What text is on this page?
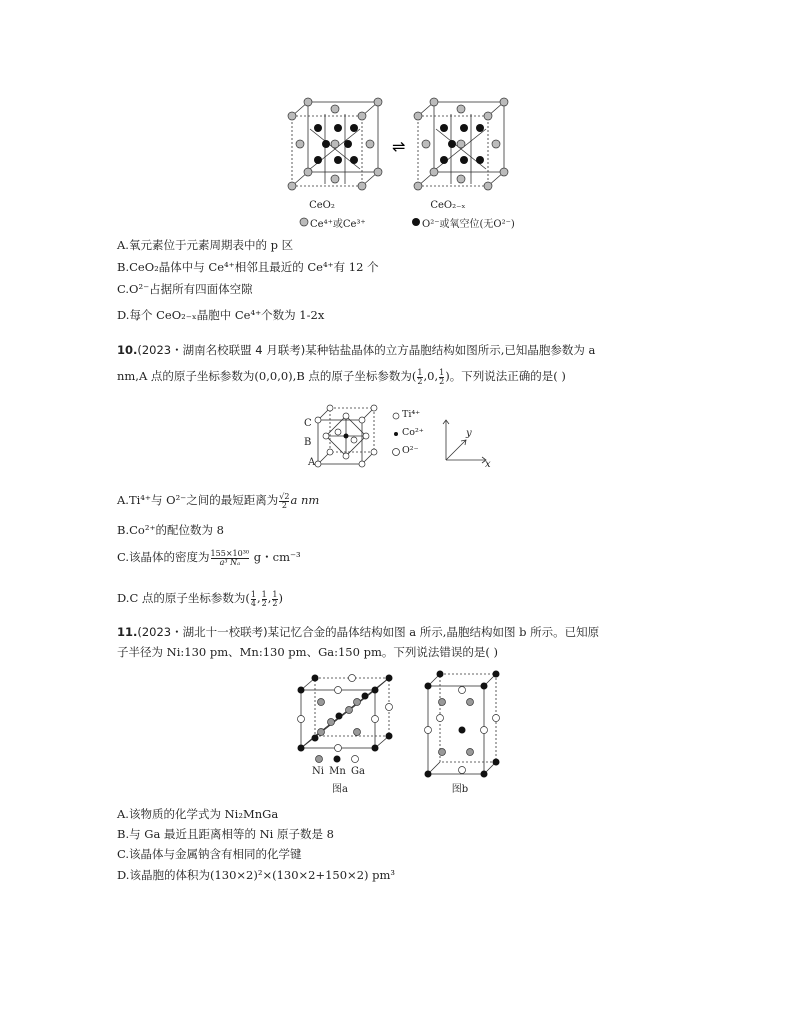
⇌
CeO₂	CeO₂₋ₓ
Ce⁴⁺或Ce³⁺	O²⁻或氧空位(无O²⁻)
A.氧元素位于元素周期表中的 p 区
B.CeO₂晶体中与 Ce⁴⁺相邻且最近的 Ce⁴⁺有 12 个
C.O²⁻占据所有四面体空隙
D.每个 CeO₂₋ₓ晶胞中 Ce⁴⁺个数为 1-2x
10.(2023・湖南名校联盟 4 月联考)某种钴盐晶体的立方晶胞结构如图所示,已知晶胞参数为 a
nm,A 点的原子坐标参数为(0,0,0),B 点的原子坐标参数为( $\frac{1}{2} ,0$, $\frac{1}{2}$ )。下列说法正确的是( )
C
B
A
Ti⁴⁺
Co²⁺
O²⁻
y
x
A.Ti⁴⁺与 O²⁻之间的最短距离为 $\frac{√2}{2}$ a nm
B.Co²⁺的配位数为 8
C.该晶体的密度为 $\frac{\text{155×10³⁰}}{\text{a³ Nₐ}}$ g・cm⁻³
D.C 点的原子坐标参数为( $\frac{1}{4}$ , $\frac{1}{2}$ , $\frac{1}{2}$ )
11.(2023・湖北十一校联考)某记忆合金的晶体结构如图 a 所示,晶胞结构如图 b 所示。已知原
子半径为 Ni:130 pm、Mn:130 pm、Ga:150 pm。下列说法错误的是( )
Ni Mn Ga
图a	图b
A.该物质的化学式为 Ni₂MnGa
B.与 Ga 最近且距离相等的 Ni 原子数是 8
C.该晶体与金属钠含有相同的化学键
D.该晶胞的体积为(130×2)²×(130×2+150×2) pm³
